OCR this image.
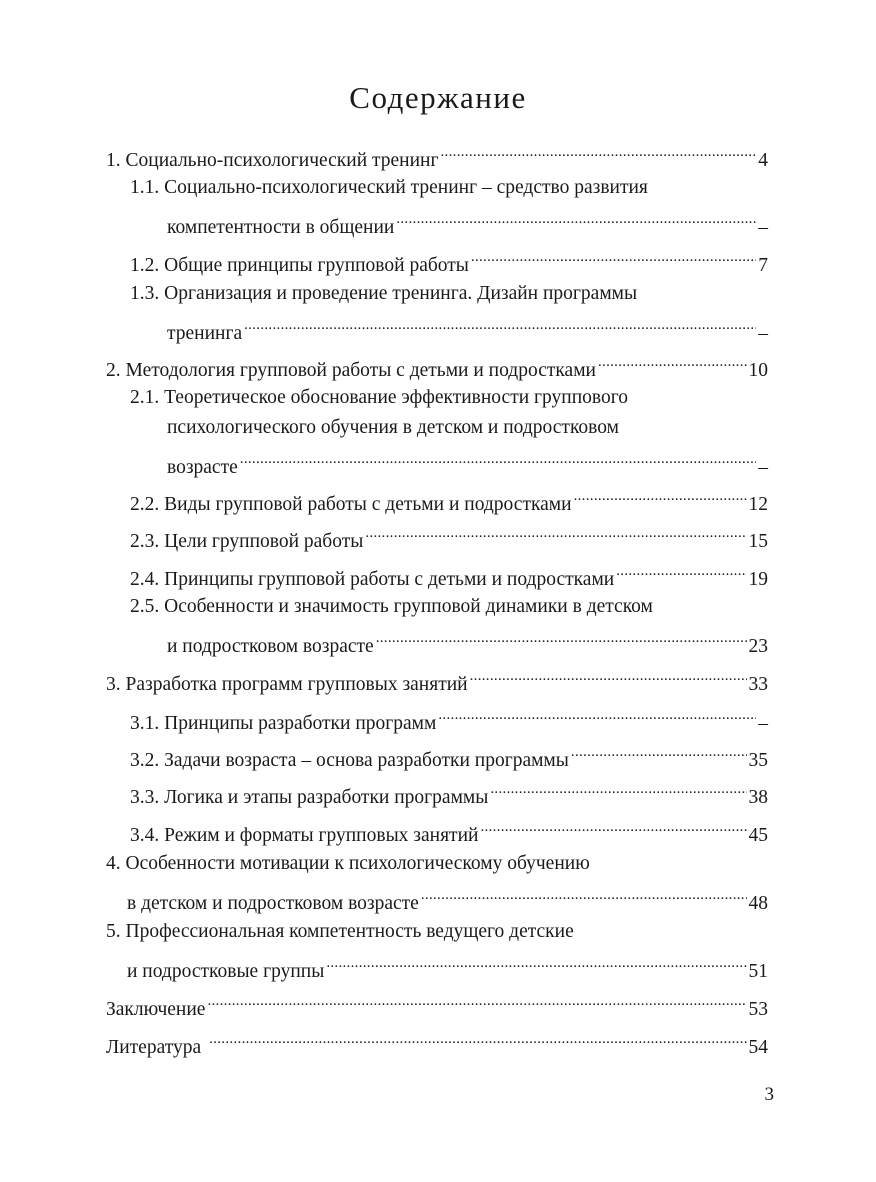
Содержание
1. Социально-психологический тренинг .....	4
1.1. Социально-психологический тренинг – средство развития
компетентности в общении .....	–
1.2. Общие принципы групповой работы .....	7
1.3. Организация и проведение тренинга. Дизайн программы
тренинга .....	–
2. Методология групповой работы с детьми и подростками .....	10
2.1. Теоретическое обоснование эффективности группового
психологического обучения в детском и подростковом
возрасте .....	–
2.2. Виды групповой работы с детьми и подростками .....	12
2.3. Цели групповой работы .....	15
2.4. Принципы групповой работы с детьми и подростками .....	19
2.5. Особенности и значимость групповой динамики в детском
и подростковом возрасте .....	23
3. Разработка программ групповых занятий .....	33
3.1. Принципы разработки программ .....	–
3.2. Задачи возраста – основа разработки программы .....	35
3.3. Логика и этапы разработки программы .....	38
3.4. Режим и форматы групповых занятий .....	45
4. Особенности мотивации к психологическому обучению
в детском и подростковом возрасте .....	48
5. Профессиональная компетентность ведущего детские
и подростковые группы .....	51
Заключение .....	53
Литература .....	54
3
